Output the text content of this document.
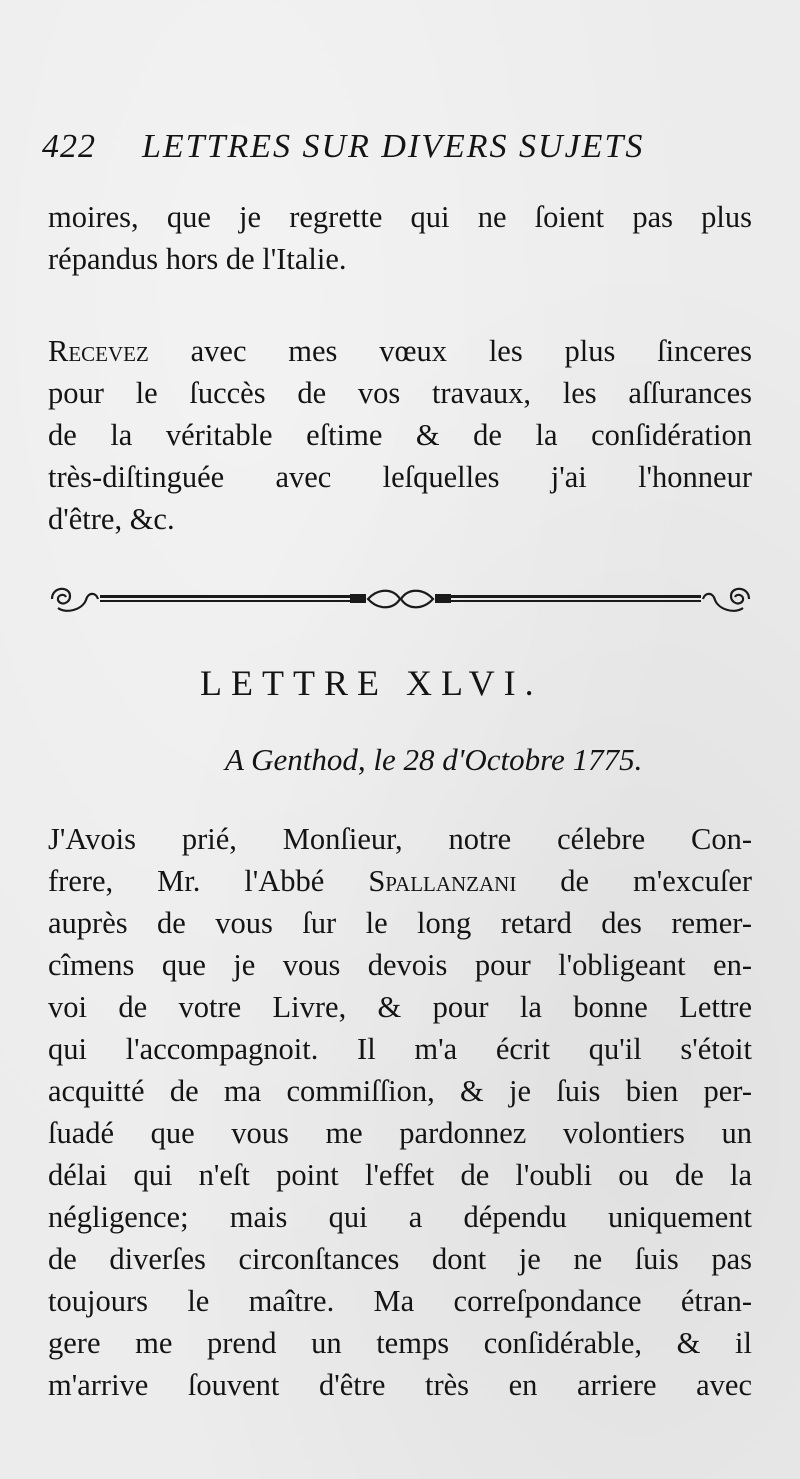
422 LETTRES SUR DIVERS SUJETS
moires, que je regrette qui ne ſoient pas plus
répandus hors de l'Italie.
Recevez avec mes vœux les plus ſinceres
pour le ſuccès de vos travaux, les aſſurances
de la véritable eſtime & de la conſidération
très-diſtinguée avec leſquelles j'ai l'honneur
d'être, &c.
LETTRE XLVI.
A Genthod, le 28 d'Octobre 1775.
J'Avois prié, Monſieur, notre célebre Con-
frere, Mr. l'Abbé Spallanzani de m'excuſer
auprès de vous ſur le long retard des remer-
cîmens que je vous devois pour l'obligeant en-
voi de votre Livre, & pour la bonne Lettre
qui l'accompagnoit. Il m'a écrit qu'il s'étoit
acquitté de ma commiſſion, & je ſuis bien per-
ſuadé que vous me pardonnez volontiers un
délai qui n'eſt point l'effet de l'oubli ou de la
négligence; mais qui a dépendu uniquement
de diverſes circonſtances dont je ne ſuis pas
toujours le maître. Ma correſpondance étran-
gere me prend un temps conſidérable, & il
m'arrive ſouvent d'être très en arriere avec
